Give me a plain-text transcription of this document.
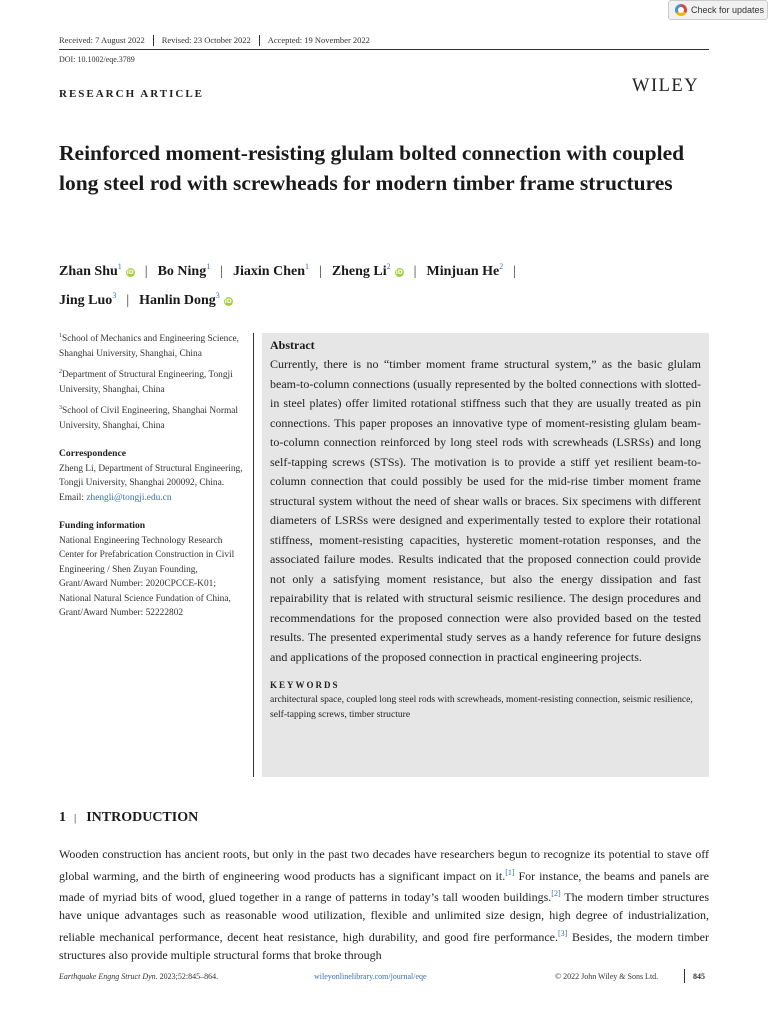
Check for updates
Received: 7 August 2022	Revised: 23 October 2022	Accepted: 19 November 2022
DOI: 10.1002/eqe.3789
WILEY
RESEARCH ARTICLE
Reinforced moment-resisting glulam bolted connection with coupled long steel rod with screwheads for modern timber frame structures
Zhan Shu$^1$iD | Bo Ning$^1$ | Jiaxin Chen$^1$ | Zheng Li$^2$iD | Minjuan He$^2$ |
Jing Luo$^3$ | Hanlin Dong$^3$iD
$^1$School of Mechanics and Engineering Science, Shanghai University, Shanghai, China
$^2$Department of Structural Engineering, Tongji University, Shanghai, China
$^3$School of Civil Engineering, Shanghai Normal University, Shanghai, China
Correspondence
Zheng Li, Department of Structural Engineering, Tongji University, Shanghai 200092, China.
Email: zhengli@tongji.edu.cn
Funding information
National Engineering Technology Research Center for Prefabrication Construction in Civil Engineering / Shen Zuyan Founding, Grant/Award Number: 2020CPCCE-K01; National Natural Science Fundation of China, Grant/Award Number: 52222802
Abstract
Currently, there is no “timber moment frame structural system,” as the basic glulam beam-to-column connections (usually represented by the bolted connections with slotted-in steel plates) offer limited rotational stiffness such that they are usually treated as pin connections. This paper proposes an innovative type of moment-resisting glulam beam-to-column connection reinforced by long steel rods with screwheads (LSRSs) and long self-tapping screws (STSs). The motivation is to provide a stiff yet resilient beam-to-column connection that could possibly be used for the mid-rise timber moment frame structural system without the need of shear walls or braces. Six specimens with different diameters of LSRSs were designed and experimentally tested to explore their rotational stiffness, moment-resisting capacities, hysteretic moment-rotation responses, and the associated failure modes. Results indicated that the proposed connection could provide not only a satisfying moment resistance, but also the energy dissipation and fast repairability that is related with structural seismic resilience. The design procedures and recommendations for the proposed connection were also provided based on the tested results. The presented experimental study serves as a handy reference for future designs and applications of the proposed connection in practical engineering projects.
KEYWORDS
architectural space, coupled long steel rods with screwheads, moment-resisting connection, seismic resilience, self-tapping screws, timber structure
1 | INTRODUCTION
Wooden construction has ancient roots, but only in the past two decades have researchers begun to recognize its potential to stave off global warming, and the birth of engineering wood products has a significant impact on it.[1] For instance, the beams and panels are made of myriad bits of wood, glued together in a range of patterns in today’s tall wooden buildings.[2] The modern timber structures have unique advantages such as reasonable wood utilization, flexible and unlimited size design, high degree of industrialization, reliable mechanical performance, decent heat resistance, high durability, and good fire performance.[3] Besides, the modern timber structures also provide multiple structural forms that broke through
Earthquake Engng Struct Dyn. 2023;52:845–864.	wileyonlinelibrary.com/journal/eqe	© 2022 John Wiley & Sons Ltd.	845
